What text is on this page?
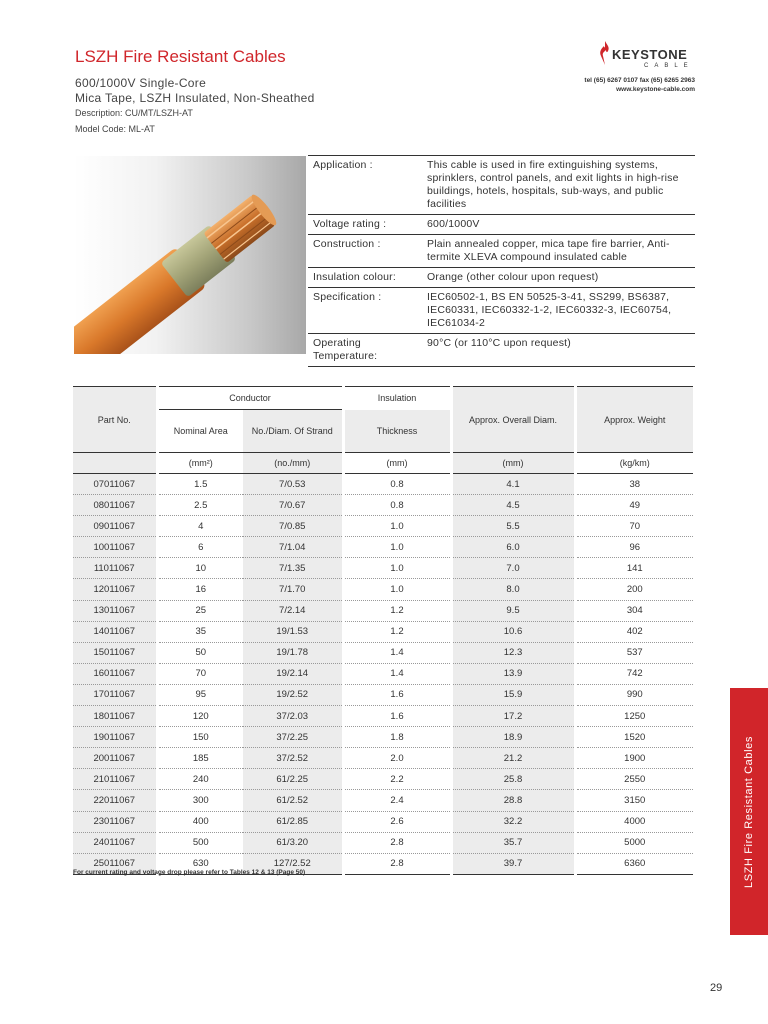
LSZH Fire Resistant Cables
600/1000V Single-Core
Mica Tape, LSZH Insulated, Non-Sheathed
Description: CU/MT/LSZH-AT
Model Code: ML-AT
KEYSTONE
CABLE
tel (65) 6267 0107 fax (65) 6265 2963
www.keystone-cable.com
Application :	This cable is used in fire extinguishing systems, sprinklers, control panels, and exit lights in high-rise buildings, hotels, hospitals, sub-ways, and public facilities
Voltage rating :	600/1000V
Construction :	Plain annealed copper, mica tape fire barrier, Anti-termite XLEVA compound insulated cable
Insulation colour:	Orange (other colour upon request)
Specification :	IEC60502-1, BS EN 50525-3-41, SS299, BS6387, IEC60331, IEC60332-1-2, IEC60332-3, IEC60754, IEC61034-2
Operating Temperature:
90°C (or 110°C upon request)
Part No.	Conductor		Insulation	Approx. Overall Diam.	Approx. Weight
	Nominal Area	No./Diam. Of Strand	Thickness		
	(mm²)	(no./mm)	(mm)	(mm)	(kg/km)
07011067	1.5	7/0.53	0.8	4.1	38
08011067	2.5	7/0.67	0.8	4.5	49
09011067	4	7/0.85	1.0	5.5	70
10011067	6	7/1.04	1.0	6.0	96
11011067	10	7/1.35	1.0	7.0	141
12011067	16	7/1.70	1.0	8.0	200
13011067	25	7/2.14	1.2	9.5	304
14011067	35	19/1.53	1.2	10.6	402
15011067	50	19/1.78	1.4	12.3	537
16011067	70	19/2.14	1.4	13.9	742
17011067	95	19/2.52	1.6	15.9	990
18011067	120	37/2.03	1.6	17.2	1250
19011067	150	37/2.25	1.8	18.9	1520
20011067	185	37/2.52	2.0	21.2	1900
21011067	240	61/2.25	2.2	25.8	2550
22011067	300	61/2.52	2.4	28.8	3150
23011067	400	61/2.85	2.6	32.2	4000
24011067	500	61/3.20	2.8	35.7	5000
25011067	630	127/2.52	2.8	39.7	6360
For current rating and voltage drop please refer to Tables 12 & 13 (Page 50)	LSZH Fire Resistant Cables
29
